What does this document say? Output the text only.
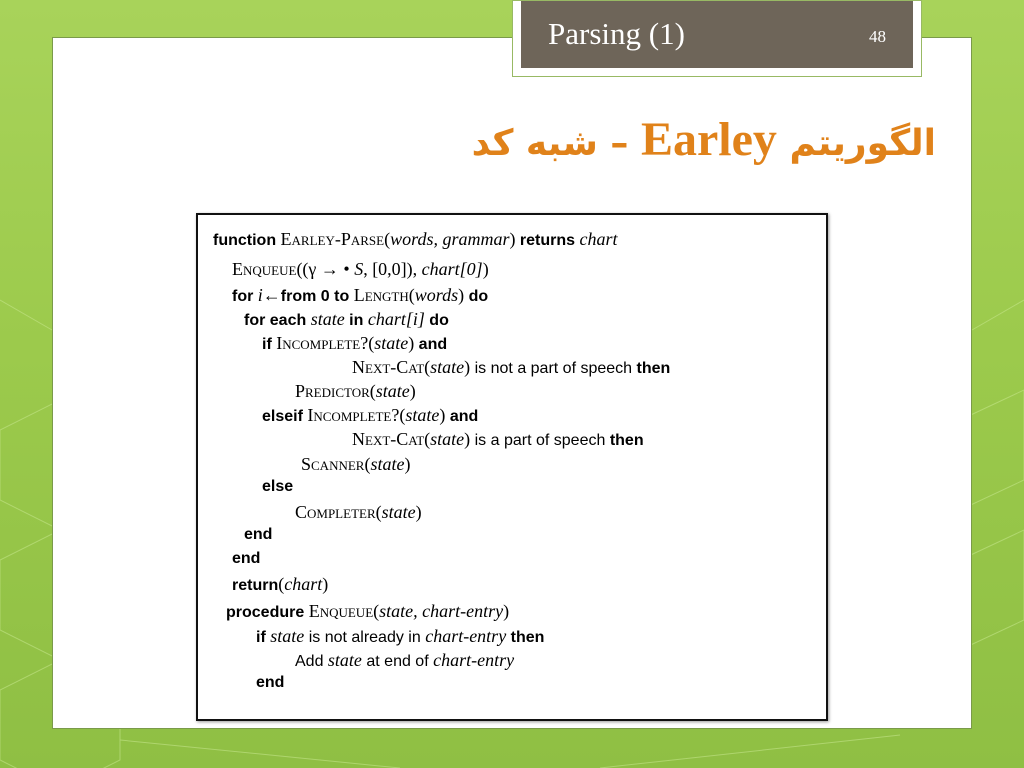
Parsing (1)	48
الگوریتم Earley – شبه کد
function Earley-Parse(words, grammar) returns chart
Enqueue((γ → • S, [0,0]), chart[0])
for i←from 0 to Length(words) do
for each state in chart[i] do
if Incomplete?(state) and
Next-Cat(state) is not a part of speech then
Predictor(state)
elseif Incomplete?(state) and
Next-Cat(state) is a part of speech then
Scanner(state)
else
Completer(state)
end
end
return(chart)
procedure Enqueue(state, chart-entry)
if state is not already in chart-entry then
Add state at end of chart-entry
end
